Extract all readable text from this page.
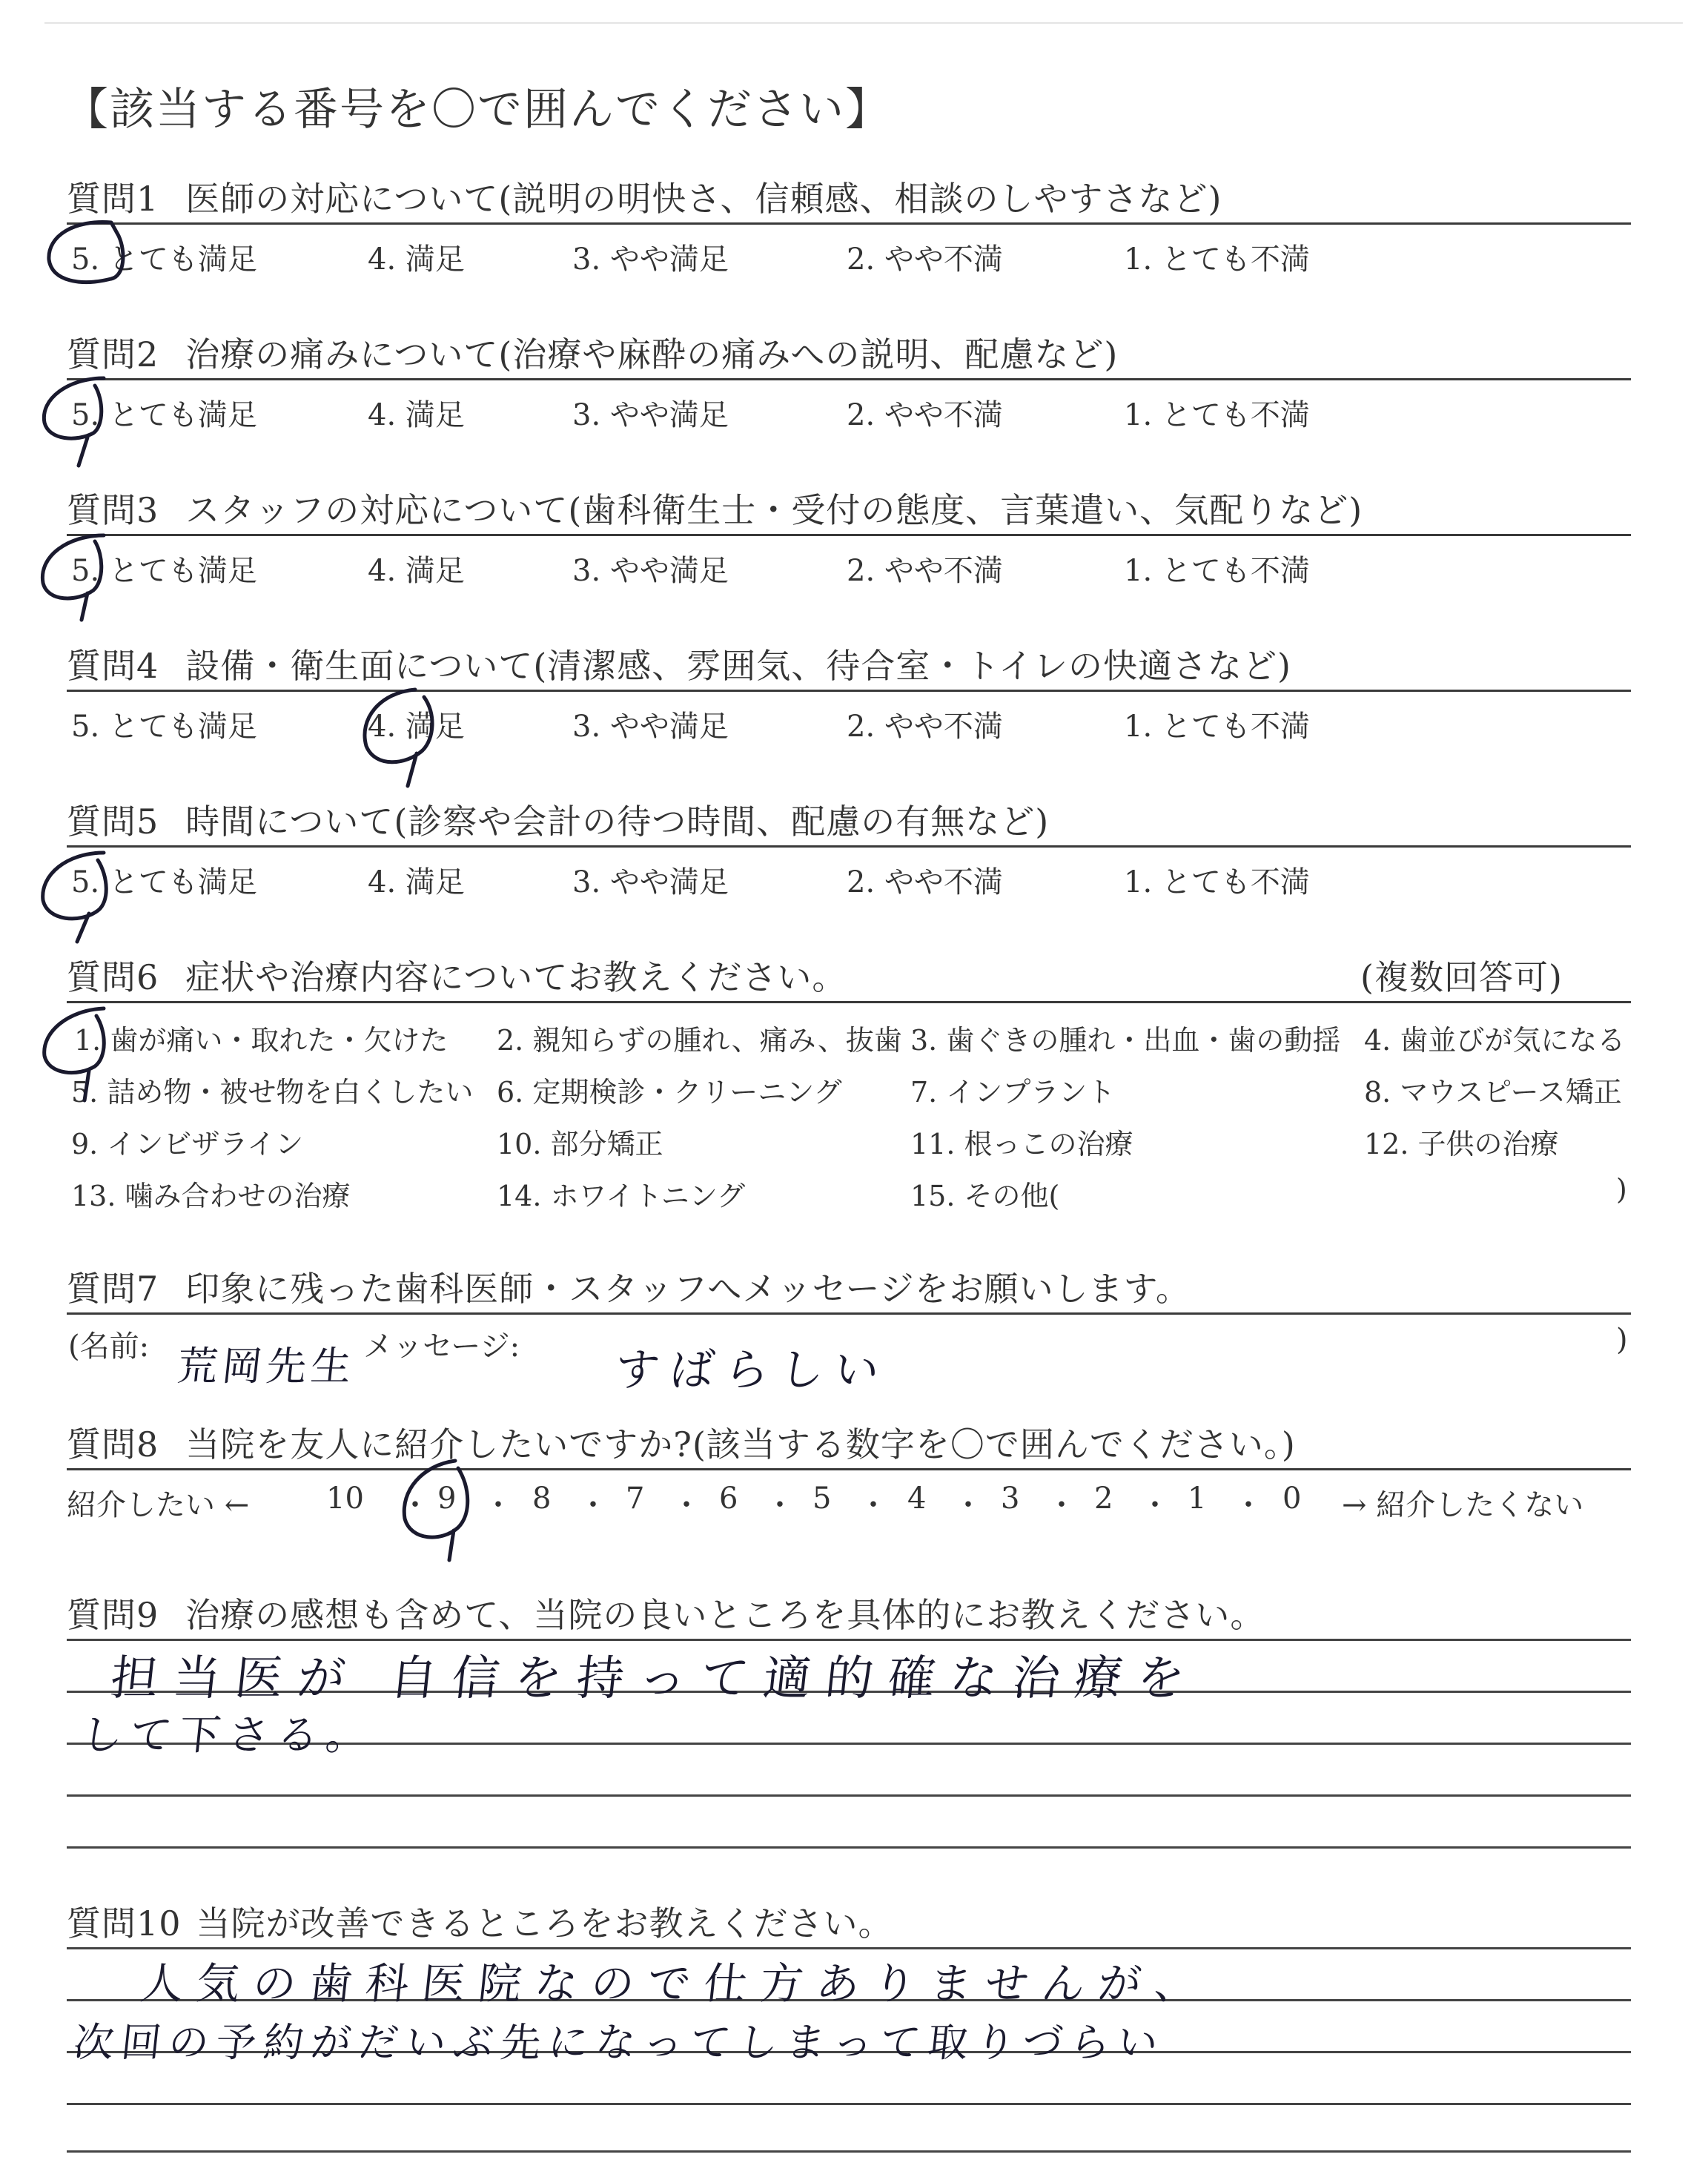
【該当する番号を〇で囲んでください】
質問1 医師の対応について(説明の明快さ、信頼感、相談のしやすさなど)
5. とても満足	4. 満足	3. やや満足	2. やや不満	1. とても不満
質問2 治療の痛みについて(治療や麻酔の痛みへの説明、配慮など)
5. とても満足	4. 満足	3. やや満足	2. やや不満	1. とても不満
質問3 スタッフの対応について(歯科衛生士・受付の態度、言葉遣い、気配りなど)
5. とても満足	4. 満足	3. やや満足	2. やや不満	1. とても不満
質問4 設備・衛生面について(清潔感、雰囲気、待合室・トイレの快適さなど)
5. とても満足	4. 満足	3. やや満足	2. やや不満	1. とても不満
質問5 時間について(診察や会計の待つ時間、配慮の有無など)
5. とても満足	4. 満足	3. やや満足	2. やや不満	1. とても不満
質問6 症状や治療内容についてお教えください。	(複数回答可)
1. 歯が痛い・取れた・欠けた 2. 親知らずの腫れ、痛み、抜歯 3. 歯ぐきの腫れ・出血・歯の動揺 4. 歯並びが気になる
5. 詰め物・被せ物を白くしたい 6. 定期検診・クリーニング 7. インプラント	8. マウスピース矯正
9. インビザライン	10. 部分矯正	11. 根っこの治療	12. 子供の治療
13. 噛み合わせの治療	14. ホワイトニング	15. その他(	)
質問7 印象に残った歯科医師・スタッフへメッセージをお願いします。
(名前: 荒岡先生 メッセージ: すばらしい
)
質問8 当院を友人に紹介したいですか?(該当する数字を〇で囲んでください。)
紹介したい ←	10 ・ 9 ・ 8 ・ 7 ・ 6 ・ 5 ・ 4 ・ 3 ・ 2 ・ 1 ・ 0 → 紹介したくない
質問9 治療の感想も含めて、当院の良いところを具体的にお教えください。
担当医が 自信を持って適的確な治療を
して下さる。
質問10 当院が改善できるところをお教えください。
人気の歯科医院なので仕方ありませんが、
次回の予約がだいぶ先になってしまって取りづらい
